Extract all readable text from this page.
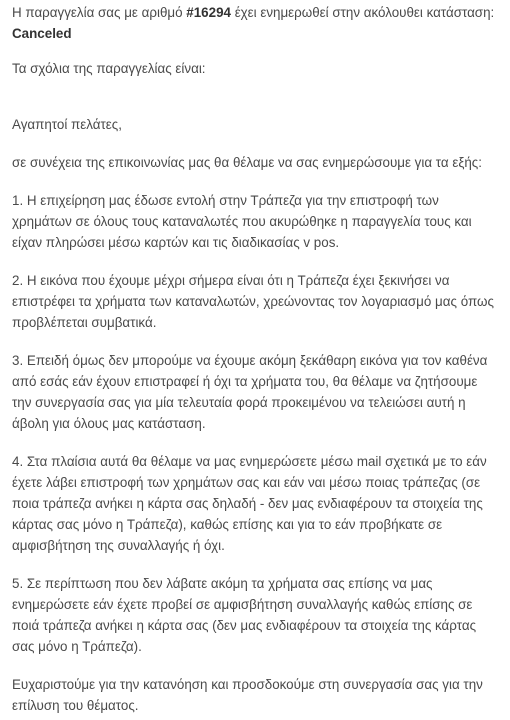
Η παραγγελία σας με αριθμό #16294 έχει ενημερωθεί στην ακόλουθει κατάσταση: Canceled

Τα σχόλια της παραγγελίας είναι:

Αγαπητοί πελάτες,

σε συνέχεια της επικοινωνίας μας θα θέλαμε να σας ενημερώσουμε για τα εξής:

1. Η επιχείρηση μας έδωσε εντολή στην Τράπεζα για την επιστροφή των χρημάτων σε όλους τους καταναλωτές που ακυρώθηκε η παραγγελία τους και είχαν πληρώσει μέσω καρτών και τις διαδικασίας v pos.

2. Η εικόνα που έχουμε μέχρι σήμερα είναι ότι η Τράπεζα έχει ξεκινήσει να επιστρέφει τα χρήματα των καταναλωτών, χρεώνοντας τον λογαριασμό μας όπως προβλέπεται συμβατικά.

3. Επειδή όμως δεν μπορούμε να έχουμε ακόμη ξεκάθαρη εικόνα για τον καθένα από εσάς εάν έχουν επιστραφεί ή όχι τα χρήματα του, θα θέλαμε να ζητήσουμε την συνεργασία σας για μία τελευταία φορά προκειμένου να τελειώσει αυτή η άβολη για όλους μας κατάσταση.

4. Στα πλαίσια αυτά θα θέλαμε να μας ενημερώσετε μέσω mail σχετικά με το εάν έχετε λάβει επιστροφή των χρημάτων σας και εάν ναι μέσω ποιας τράπεζας (σε ποια τράπεζα ανήκει η κάρτα σας δηλαδή - δεν μας ενδιαφέρουν τα στοιχεία της κάρτας σας μόνο η Τράπεζα), καθώς επίσης και για το εάν προβήκατε σε αμφισβήτηση της συναλλαγής ή όχι.

5. Σε περίπτωση που δεν λάβατε ακόμη τα χρήματα σας επίσης να μας ενημερώσετε εάν έχετε προβεί σε αμφισβήτηση συναλλαγής καθώς επίσης σε ποιά τράπεζα ανήκει η κάρτα σας (δεν μας ενδιαφέρουν τα στοιχεία της κάρτας σας μόνο η Τράπεζα).

Ευχαριστούμε για την κατανόηση και προσδοκούμε στη συνεργασία σας για την επίλυση του θέματος.
